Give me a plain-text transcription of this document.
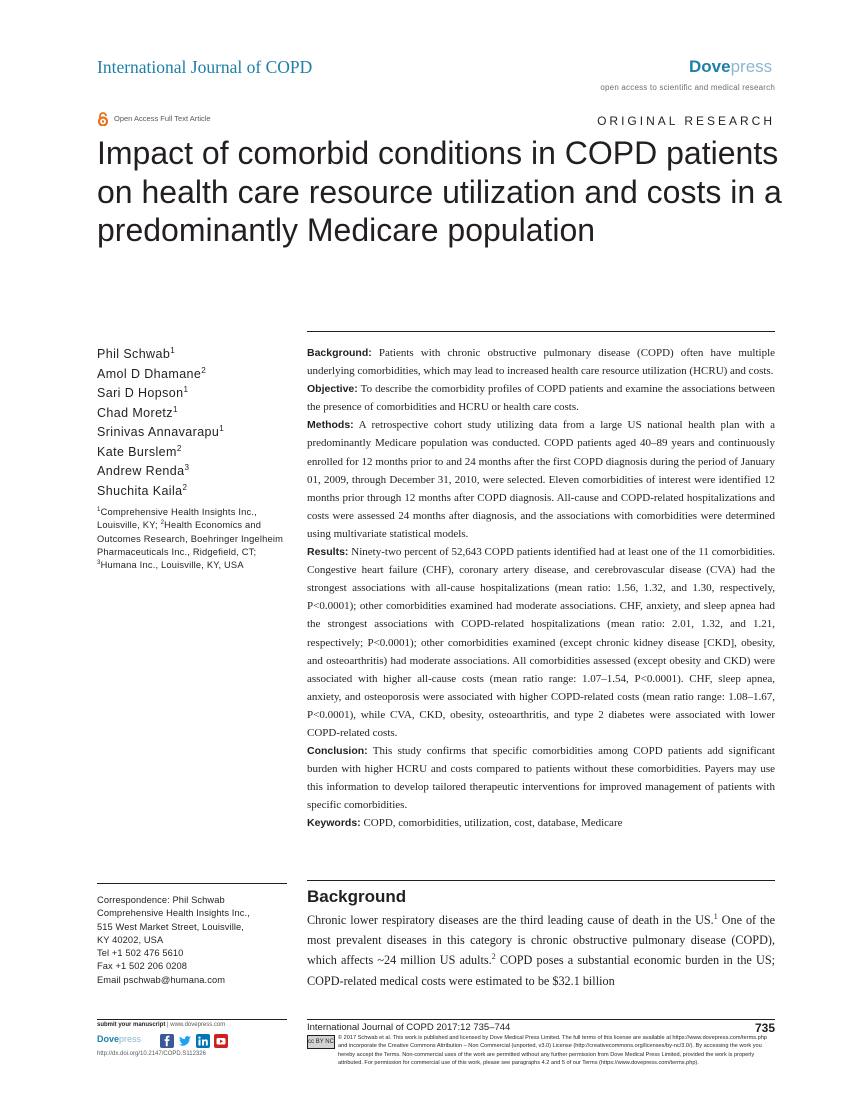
International Journal of COPD	Dovepress
open access to scientific and medical research
Open Access Full Text Article	ORIGINAL RESEARCH
Impact of comorbid conditions in COPD patients on health care resource utilization and costs in a predominantly Medicare population
Phil Schwab$^1$
Amol D Dhamane$^2$
Sari D Hopson$^1$
Chad Moretz$^1$
Srinivas Annavarapu$^1$
Kate Burslem$^2$
Andrew Renda$^3$
Shuchita Kaila$^2$
$^1$Comprehensive Health Insights Inc., Louisville, KY; $^2$Health Economics and Outcomes Research, Boehringer Ingelheim Pharmaceuticals Inc., Ridgefield, CT; $^3$Humana Inc., Louisville, KY, USA
Correspondence: Phil Schwab
Comprehensive Health Insights Inc.,
515 West Market Street, Louisville,
KY 40202, USA
Tel +1 502 476 5610
Fax +1 502 206 0208
Email pschwab@humana.com

Background: Patients with chronic obstructive pulmonary disease (COPD) often have multiple underlying comorbidities, which may lead to increased health care resource utilization (HCRU) and costs.

Objective: To describe the comorbidity profiles of COPD patients and examine the associations between the presence of comorbidities and HCRU or health care costs.

Methods: A retrospective cohort study utilizing data from a large US national health plan with a predominantly Medicare population was conducted. COPD patients aged 40–89 years and continuously enrolled for 12 months prior to and 24 months after the first COPD diagnosis during the period of January 01, 2009, through December 31, 2010, were selected. Eleven comorbidities of interest were identified 12 months prior through 12 months after COPD diagnosis. All-cause and COPD-related hospitalizations and costs were assessed 24 months after diagnosis, and the associations with comorbidities were determined using multivariate statistical models.

Results: Ninety-two percent of 52,643 COPD patients identified had at least one of the 11 comorbidities. Congestive heart failure (CHF), coronary artery disease, and cerebrovascular disease (CVA) had the strongest associations with all-cause hospitalizations (mean ratio: 1.56, 1.32, and 1.30, respectively, P<0.0001); other comorbidities examined had moderate associations. CHF, anxiety, and sleep apnea had the strongest associations with COPD-related hospitalizations (mean ratio: 2.01, 1.32, and 1.21, respectively; P<0.0001); other comorbidities examined (except chronic kidney disease [CKD], obesity, and osteoarthritis) had moderate associations. All comorbidities assessed (except obesity and CKD) were associated with higher all-cause costs (mean ratio range: 1.07–1.54, P<0.0001). CHF, sleep apnea, anxiety, and osteoporosis were associated with higher COPD-related costs (mean ratio range: 1.08–1.67, P<0.0001), while CVA, CKD, obesity, osteoarthritis, and type 2 diabetes were associated with lower COPD-related costs.

Conclusion: This study confirms that specific comorbidities among COPD patients add significant burden with higher HCRU and costs compared to patients without these comorbidities. Payers may use this information to develop tailored therapeutic interventions for improved management of patients with specific comorbidities.

Keywords: COPD, comorbidities, utilization, cost, database, Medicare

Background
Chronic lower respiratory diseases are the third leading cause of death in the US.$^1$ One of the most prevalent diseases in this category is chronic obstructive pulmonary disease (COPD), which affects ~24 million US adults.$^2$ COPD poses a substantial economic burden in the US; COPD-related medical costs were estimated to be $32.1 billion
submit your manuscript | www.dovepress.com
Dovepress
http://dx.doi.org/10.2147/COPD.S112326
International Journal of COPD 2017:12 735–744	735
cc BY NC
© 2017 Schwab et al. This work is published and licensed by Dove Medical Press Limited. The full terms of this license are available at https://www.dovepress.com/terms.php and incorporate the Creative Commons Attribution – Non Commercial (unported, v3.0) License (http://creativecommons.org/licenses/by-nc/3.0/). By accessing the work you hereby accept the Terms. Non-commercial uses of the work are permitted without any further permission from Dove Medical Press Limited, provided the work is properly attributed. For permission for commercial use of this work, please see paragraphs 4.2 and 5 of our Terms (https://www.dovepress.com/terms.php).
